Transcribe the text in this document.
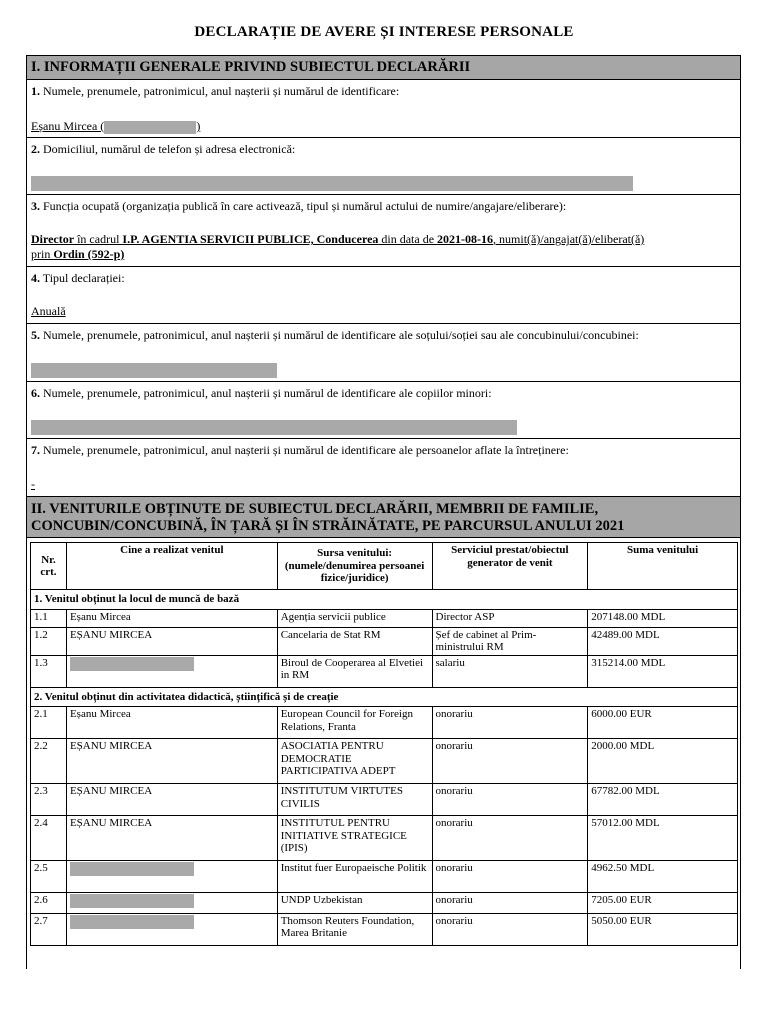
DECLARAȚIE DE AVERE ȘI INTERESE PERSONALE
I. INFORMAȚII GENERALE PRIVIND SUBIECTUL DECLARĂRII
1. Numele, prenumele, patronimicul, anul nașterii și numărul de identificare:
Eșanu Mircea (	)
2. Domiciliul, numărul de telefon și adresa electronică:
3. Funcția ocupată (organizația publică în care activează, tipul și numărul actului de numire/angajare/eliberare):
Director în cadrul I.P. AGENTIA SERVICII PUBLICE, Conducerea din data de 2021-08-16, numit(ă)/angajat(ă)/eliberat(ă)
prin Ordin (592-p)
4. Tipul declarației:
Anuală
5. Numele, prenumele, patronimicul, anul nașterii și numărul de identificare ale soțului/soției sau ale concubinului/concubinei:
6. Numele, prenumele, patronimicul, anul nașterii și numărul de identificare ale copiilor minori:
7. Numele, prenumele, patronimicul, anul nașterii și numărul de identificare ale persoanelor aflate la întreținere:
-
II. VENITURILE OBȚINUTE DE SUBIECTUL DECLARĂRII, MEMBRII DE FAMILIE,
CONCUBIN/CONCUBINĂ, ÎN ȚARĂ ȘI ÎN STRĂINĂTATE, PE PARCURSUL ANULUI 2021
Nr. crt.	Cine a realizat venitul	Sursa venitului: (numele/denumirea persoanei fizice/juridice)	Serviciul prestat/obiectul generator de venit	Suma venitului
1. Venitul obținut la locul de muncă de bază				
1.1	Eșanu Mircea	Agenția servicii publice	Director ASP	207148.00 MDL
1.2	EȘANU MIRCEA	Cancelaria de Stat RM	Șef de cabinet al Prim-ministrului RM	42489.00 MDL
1.3		Biroul de Cooperarea al Elvetiei in RM	salariu	315214.00 MDL
2. Venitul obținut din activitatea didactică, științifică și de creație				
2.1	Eșanu Mircea	European Council for Foreign Relations, Franta	onorariu	6000.00 EUR
2.2	EȘANU MIRCEA	ASOCIATIA PENTRU DEMOCRATIE PARTICIPATIVA ADEPT	onorariu	2000.00 MDL
2.3	EȘANU MIRCEA	INSTITUTUM VIRTUTES CIVILIS	onorariu	67782.00 MDL
2.4	EȘANU MIRCEA	INSTITUTUL PENTRU INITIATIVE STRATEGICE (IPIS)	onorariu	57012.00 MDL
2.5		Institut fuer Europaeische Politik	onorariu	4962.50 MDL
2.6		UNDP Uzbekistan	onorariu	7205.00 EUR
2.7		Thomson Reuters Foundation, Marea Britanie	onorariu	5050.00 EUR
